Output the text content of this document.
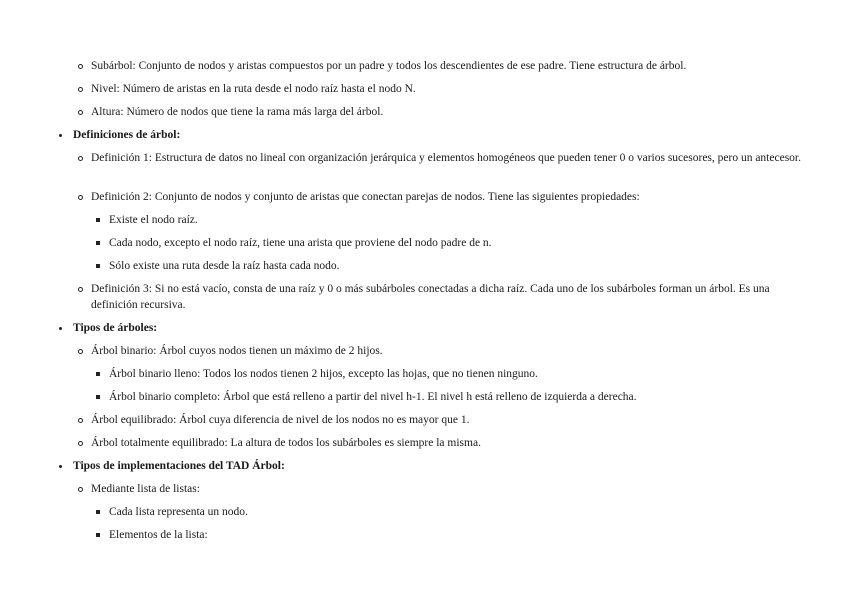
Subárbol: Conjunto de nodos y aristas compuestos por un padre y todos los descendientes de ese padre. Tiene estructura de árbol.
Nivel: Número de aristas en la ruta desde el nodo raíz hasta el nodo N.
Altura: Número de nodos que tiene la rama más larga del árbol.
Definiciones de árbol:
Definición 1: Estructura de datos no lineal con organización jerárquica y elementos homogéneos que pueden tener 0 o varios sucesores, pero un antecesor.
Definición 2: Conjunto de nodos y conjunto de aristas que conectan parejas de nodos. Tiene las siguientes propiedades:
Existe el nodo raíz.
Cada nodo, excepto el nodo raíz, tiene una arista que proviene del nodo padre de n.
Sólo existe una ruta desde la raíz hasta cada nodo.
Definición 3: Si no está vacío, consta de una raíz y 0 o más subárboles conectadas a dicha raíz. Cada uno de los subárboles forman un árbol. Es una definición recursiva.
Tipos de árboles:
Árbol binario: Árbol cuyos nodos tienen un máximo de 2 hijos.
Árbol binario lleno: Todos los nodos tienen 2 hijos, excepto las hojas, que no tienen ninguno.
Árbol binario completo: Árbol que está relleno a partir del nivel h-1. El nivel h está relleno de izquierda a derecha.
Árbol equilibrado: Árbol cuya diferencia de nivel de los nodos no es mayor que 1.
Árbol totalmente equilibrado: La altura de todos los subárboles es siempre la misma.
Tipos de implementaciones del TAD Árbol:
Mediante lista de listas:
Cada lista representa un nodo.
Elementos de la lista:
